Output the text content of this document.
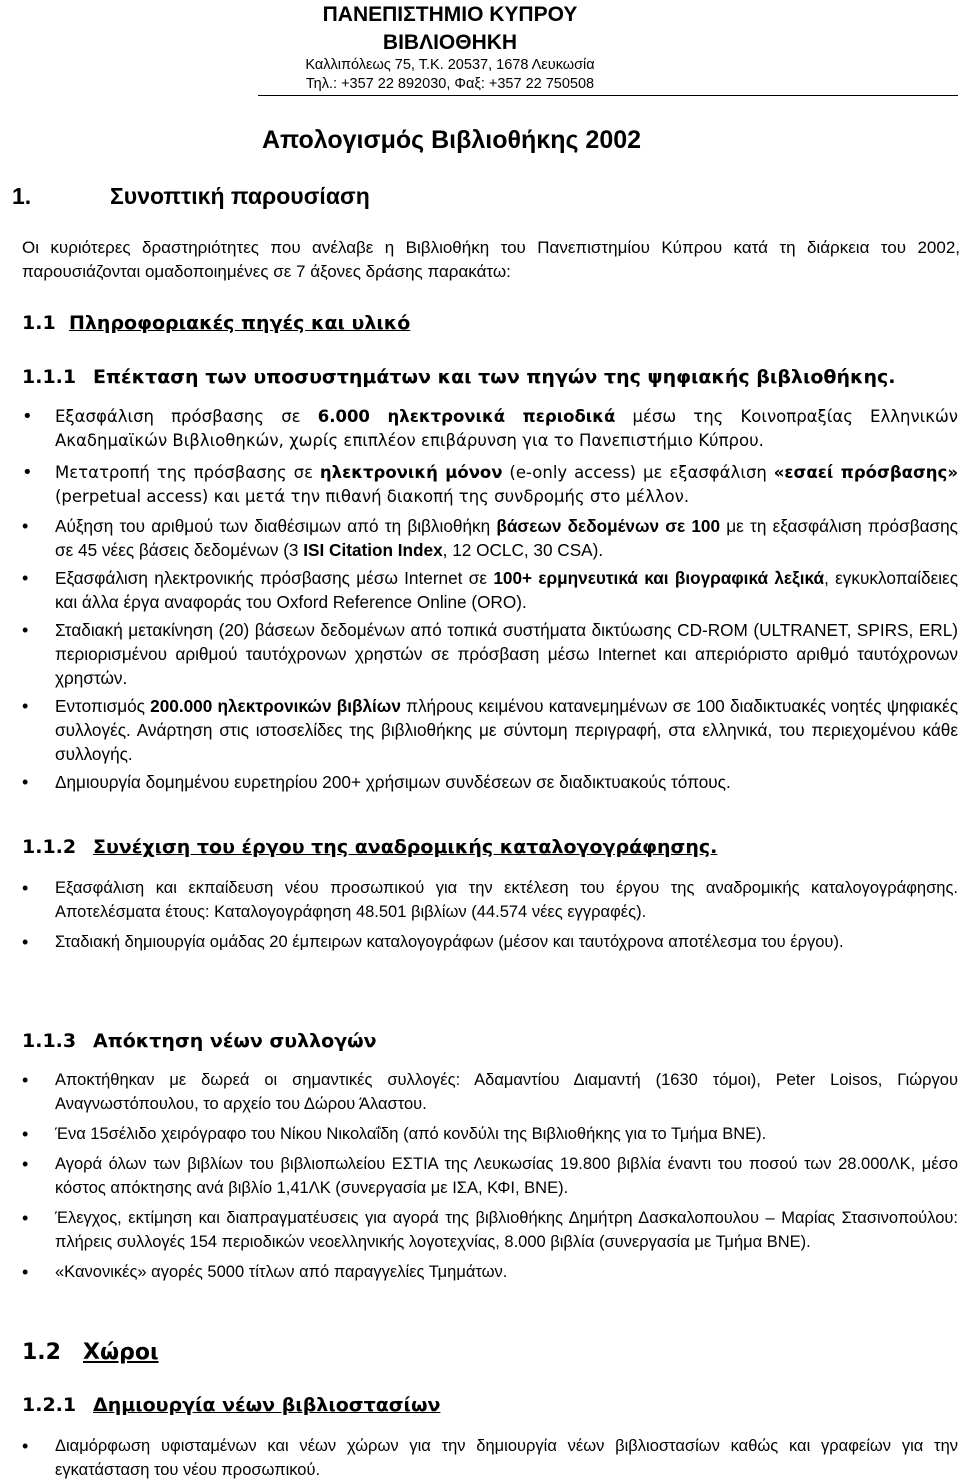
ΠΑΝΕΠΙΣΤΗΜΙΟ ΚΥΠΡΟΥ
ΒΙΒΛΙΟΘΗΚΗ
Καλλιπόλεως 75, Τ.Κ. 20537, 1678 Λευκωσία
Τηλ.: +357 22 892030, Φαξ: +357 22 750508
Απολογισμός Βιβλιοθήκης 2002
1.	Συνοπτική παρουσίαση
Οι κυριότερες δραστηριότητες που ανέλαβε η Βιβλιοθήκη του Πανεπιστημίου Κύπρου κατά τη διάρκεια του 2002, παρουσιάζονται ομαδοποιημένες σε 7 άξονες δράσης παρακάτω:
1.1 Πληροφοριακές πηγές και υλικό
1.1.1 Επέκταση των υποσυστημάτων και των πηγών της ψηφιακής βιβλιοθήκης.
• Εξασφάλιση πρόσβασης σε 6.000 ηλεκτρονικά περιοδικά μέσω της Κοινοπραξίας Ελληνικών Ακαδημαϊκών Βιβλιοθηκών, χωρίς επιπλέον επιβάρυνση για το Πανεπιστήμιο Κύπρου.
• Μετατροπή της πρόσβασης σε ηλεκτρονική μόνον (e-only access) με εξασφάλιση «εσαεί πρόσβασης» (perpetual access) και μετά την πιθανή διακοπή της συνδρομής στο μέλλον.
• Αύξηση του αριθμού των διαθέσιμων από τη βιβλιοθήκη βάσεων δεδομένων σε 100 με τη εξασφάλιση πρόσβασης σε 45 νέες βάσεις δεδομένων (3 ISI Citation Index, 12 OCLC, 30 CSA).
• Εξασφάλιση ηλεκτρονικής πρόσβασης μέσω Internet σε 100+ ερμηνευτικά και βιογραφικά λεξικά, εγκυκλοπαίδειες και άλλα έργα αναφοράς του Oxford Reference Online (ORO).
• Σταδιακή μετακίνηση (20) βάσεων δεδομένων από τοπικά συστήματα δικτύωσης CD-ROM (ULTRANET, SPIRS, ERL) περιορισμένου αριθμού ταυτόχρονων χρηστών σε πρόσβαση μέσω Internet και απεριόριστο αριθμό ταυτόχρονων χρηστών.
• Εντοπισμός 200.000 ηλεκτρονικών βιβλίων πλήρους κειμένου κατανεμημένων σε 100 διαδικτυακές νοητές ψηφιακές συλλογές. Ανάρτηση στις ιστοσελίδες της βιβλιοθήκης με σύντομη περιγραφή, στα ελληνικά, του περιεχομένου κάθε συλλογής.
• Δημιουργία δομημένου ευρετηρίου 200+ χρήσιμων συνδέσεων σε διαδικτυακούς τόπους.
1.1.2 Συνέχιση του έργου της αναδρομικής καταλογογράφησης.
• Εξασφάλιση και εκπαίδευση νέου προσωπικού για την εκτέλεση του έργου της αναδρομικής καταλογογράφησης. Αποτελέσματα έτους: Καταλογογράφηση 48.501 βιβλίων (44.574 νέες εγγραφές).
• Σταδιακή δημιουργία ομάδας 20 έμπειρων καταλογογράφων (μέσον και ταυτόχρονα αποτέλεσμα του έργου).
1.1.3 Απόκτηση νέων συλλογών
• Αποκτήθηκαν με δωρεά οι σημαντικές συλλογές: Αδαμαντίου Διαμαντή (1630 τόμοι), Peter Loisos, Γιώργου Αναγνωστόπουλου, το αρχείο του Δώρου Άλαστου.
• Ένα 15σέλιδο χειρόγραφο του Νίκου Νικολαΐδη (από κονδύλι της Βιβλιοθήκης για το Τμήμα ΒΝΕ).
• Αγορά όλων των βιβλίων του βιβλιοπωλείου ΕΣΤΙΑ της Λευκωσίας 19.800 βιβλία έναντι του ποσού των 28.000ΛΚ, μέσο κόστος απόκτησης ανά βιβλίο 1,41ΛΚ (συνεργασία με ΙΣΑ, ΚΦΙ, ΒΝΕ).
• Έλεγχος, εκτίμηση και διαπραγματέυσεις για αγορά της βιβλιοθήκης Δημήτρη Δασκαλοπουλου – Μαρίας Στασινοπούλου: πλήρεις συλλογές 154 περιοδικών νεοελληνικής λογοτεχνίας, 8.000 βιβλία (συνεργασία με Τμήμα ΒΝΕ).
• «Κανονικές» αγορές 5000 τίτλων από παραγγελίες Τμημάτων.
1.2 Χώροι
1.2.1 Δημιουργία νέων βιβλιοστασίων
• Διαμόρφωση υφισταμένων και νέων χώρων για την δημιουργία νέων βιβλιοστασίων καθώς και γραφείων για την εγκατάσταση του νέου προσωπικού.
